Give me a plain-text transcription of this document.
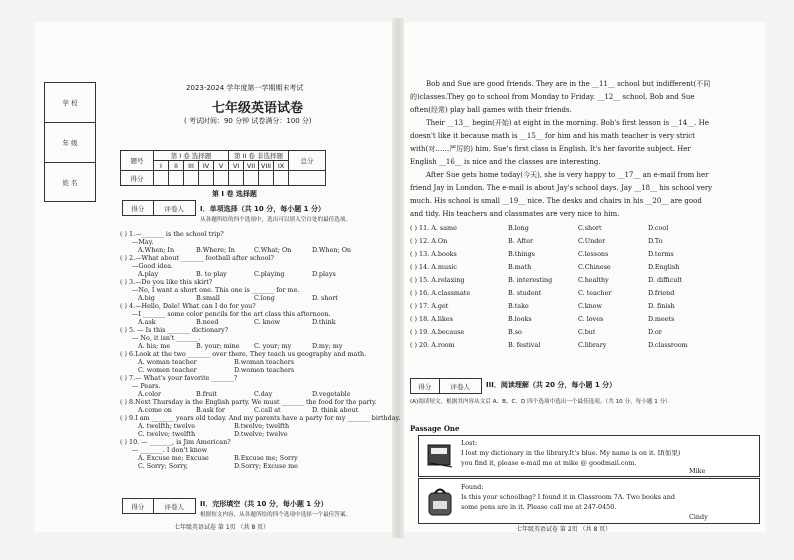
学 校
年 级
姓 名
2023-2024 学年度第一学期期末考试
七年级英语试卷
( 考试时间：90 分钟 试卷满分：100 分)
题号	第 I 卷 选择题					第 II 卷 非选择题				总分
	I	II	III	IV	V	VI	VII	VIII	IX	
得分										
第 I 卷 选择题
得分	评卷人	I．单项选择（共 10 分，每小题 1 分）
从各题所给的四个选项中，选出可以填入空白处的最佳选项。
( ) 1.—_______ is the school trip?
—May.
A.When; In	B.Where; In	C.What; On	D.When; On
( ) 2.—What about _______ football after school?
—Good idea.
A.play	B. to play	C.playing	D.plays
( ) 3.—Do you like this skirt?
—No, I want a short one. This one is _______ for me.
A.big	B.small	C.long	D. short
( ) 4.—Hello, Dale! What can I do for you?
—I _______ some color pencils for the art class this afternoon.
A.ask	B.need	C. know	D.think
( ) 5. — Is this _______ dictionary?
— No, it isn't _______.
A. his; me	B. your; mine C. your; my	D.my; my
( ) 6.Look at the two _______ over there. They teach us geography and math.
A. woman teacher	B.woman teachers
C. women teacher	D.women teachers
( ) 7.— What's your favorite _______?
— Pears.
A.color	B.fruit	C.day	D.vegetable
( ) 8.Next Thursday is the English party. We must _______ the food for the party.
A.come on	B.ask for	C.call at	D. think about
( ) 9.I am _______ years old today. And my parents have a party for my _______ birthday.
A. twelfth; twelve	B.twelve; twelfth
C. twelve; twelfth	D.twelve; twelve
( ) 10. — _______, is Jim American?
— _______. I don't know
A. Excuse me; Excuse	B.Excuse me; Sorry
C. Sorry; Sorry,	D.Sorry; Excuse me
得分	评卷人	II．完形填空（共 10 分，每小题 1 分）
根据短文内容，从各题所给的四个选项中选择一个最佳答案。
七年级英语试卷 第 1页 （共 8 页）
Bob and Sue are good friends. They are in the __11__ school but indifferent(不同
的)classes.They go to school from Monday to Friday. __12__ school, Bob and Sue
often(经常) play ball games with their friends.
Their __13__ begin(开始) at eight in the morning. Bob's first lesson is __14__. He
doesn't like it because math is __15__ for him and his math teacher is very strict
with(对……严厉的) him. Sue's first class is English. It's her favorite subject. Her
English __16__ is nice and the classes are interesting.
After Sue gets home today(今天), she is very happy to __17__ an e-mail from her
friend Jay in London. The e-mail is about Jay's school days. Jay __18__ his school very
much. His school is small __19__ nice. The desks and chairs in his __20__ are good
and tidy. His teachers and classmates are very nice to him.
( ) 11. A. same	B.long	C.short	D.cool
( ) 12. A.On	B. After	C.Under	D.To
( ) 13. A.books	B.things	C.lessons	D.terms
( ) 14. A.music	B.math	C.Chinese	D.English
( ) 15. A.relaxing	B. interesting	C.healthy	D. difficult
( ) 16. A.classmate	B. student	C. teacher	D.friend
( ) 17. A.get	B.take	C.know	D. finish
( ) 18. A.likes	B.looks	C. loves	D.meets
( ) 19. A.because	B.so	C.but	D.or
( ) 20. A.room	B. festival	C.library	D.classroom
得分	评卷人	III．阅读理解（共 20 分，每小题 1 分）
(A)阅读短文，根据其内容从文后 A、B、C、D 四个选项中选出一个最佳选项。（共 10 分，每小题 1 分）
Passage One
Lost:
I lost my dictionary in the library.It's blue. My name is on it. If(如果)
you find it, please e-mail me at mike @ goodmail.com.
Mike
Found:
Is this your schoolbag? I found it in Classroom 7A. Two books and
some pens are in it. Please call me at 247-0450.
Cindy
七年级英语试卷 第 2页 （共 8 页）
